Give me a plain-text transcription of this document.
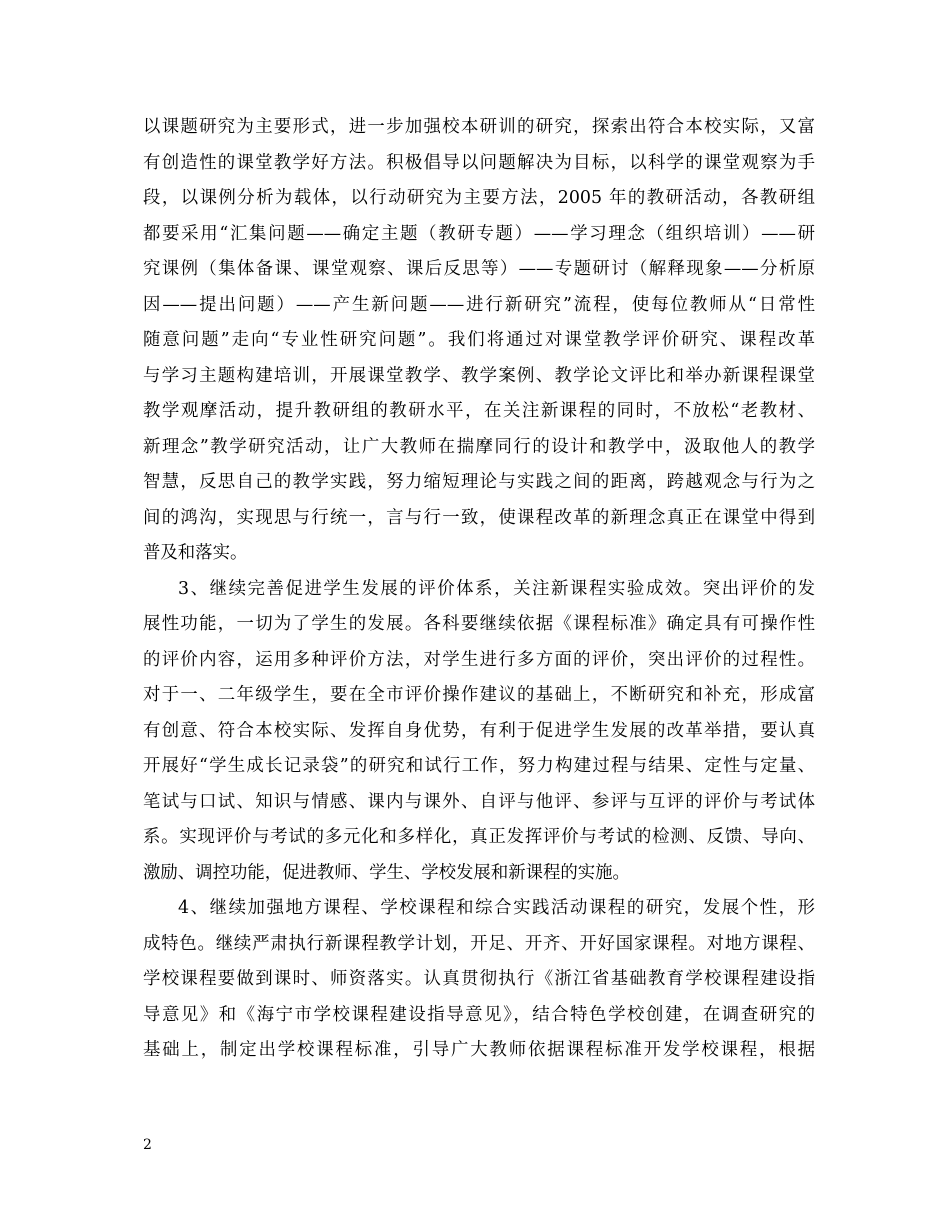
以课题研究为主要形式，进一步加强校本研训的研究，探索出符合本校实际，又富
有创造性的课堂教学好方法。积极倡导以问题解决为目标，以科学的课堂观察为手
段，以课例分析为载体，以行动研究为主要方法，2005 年的教研活动，各教研组
都要采用“汇集问题——确定主题（教研专题）——学习理念（组织培训）——研
究课例（集体备课、课堂观察、课后反思等）——专题研讨（解释现象——分析原
因——提出问题）——产生新问题——进行新研究”流程，使每位教师从“日常性
随意问题”走向“专业性研究问题”。我们将通过对课堂教学评价研究、课程改革
与学习主题构建培训，开展课堂教学、教学案例、教学论文评比和举办新课程课堂
教学观摩活动，提升教研组的教研水平，在关注新课程的同时，不放松“老教材、
新理念”教学研究活动，让广大教师在揣摩同行的设计和教学中，汲取他人的教学
智慧，反思自己的教学实践，努力缩短理论与实践之间的距离，跨越观念与行为之
间的鸿沟，实现思与行统一，言与行一致，使课程改革的新理念真正在课堂中得到
普及和落实。
3、继续完善促进学生发展的评价体系，关注新课程实验成效。突出评价的发
展性功能，一切为了学生的发展。各科要继续依据《课程标准》确定具有可操作性
的评价内容，运用多种评价方法，对学生进行多方面的评价，突出评价的过程性。
对于一、二年级学生，要在全市评价操作建议的基础上，不断研究和补充，形成富
有创意、符合本校实际、发挥自身优势，有利于促进学生发展的改革举措，要认真
开展好“学生成长记录袋”的研究和试行工作，努力构建过程与结果、定性与定量、
笔试与口试、知识与情感、课内与课外、自评与他评、参评与互评的评价与考试体
系。实现评价与考试的多元化和多样化，真正发挥评价与考试的检测、反馈、导向、
激励、调控功能，促进教师、学生、学校发展和新课程的实施。
4、继续加强地方课程、学校课程和综合实践活动课程的研究，发展个性，形
成特色。继续严肃执行新课程教学计划，开足、开齐、开好国家课程。对地方课程、
学校课程要做到课时、师资落实。认真贯彻执行《浙江省基础教育学校课程建设指
导意见》和《海宁市学校课程建设指导意见》，结合特色学校创建，在调查研究的
基础上，制定出学校课程标准，引导广大教师依据课程标准开发学校课程，根据
2
